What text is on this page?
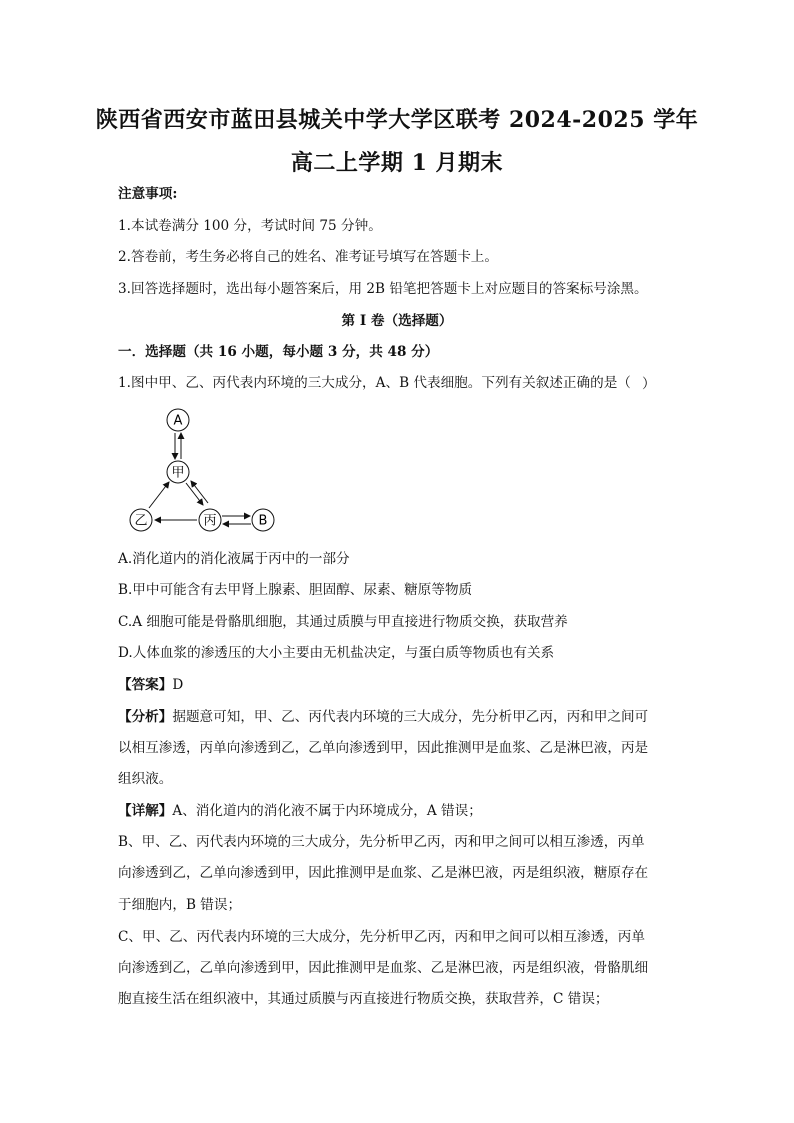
陕西省西安市蓝田县城关中学大学区联考 2024-2025 学年
高二上学期 1 月期末
注意事项:
1.本试卷满分 100 分，考试时间 75 分钟。
2.答卷前，考生务必将自己的姓名、准考证号填写在答题卡上。
3.回答选择题时，选出每小题答案后，用 2B 铅笔把答题卡上对应题目的答案标号涂黑。
第 I 卷（选择题）
一．选择题（共 16 小题，每小题 3 分，共 48 分）
1.图中甲、乙、丙代表内环境的三大成分，A、B 代表细胞。下列有关叙述正确的是（ ）
A
甲
乙	丙	B
A.消化道内的消化液属于丙中的一部分
B.甲中可能含有去甲肾上腺素、胆固醇、尿素、糖原等物质
C.A 细胞可能是骨骼肌细胞，其通过质膜与甲直接进行物质交换，获取营养
D.人体血浆的渗透压的大小主要由无机盐决定，与蛋白质等物质也有关系
【答案】D
【分析】据题意可知，甲、乙、丙代表内环境的三大成分，先分析甲乙丙，丙和甲之间可
以相互渗透，丙单向渗透到乙，乙单向渗透到甲，因此推测甲是血浆、乙是淋巴液，丙是
组织液。
【详解】A、消化道内的消化液不属于内环境成分，A 错误；
B、甲、乙、丙代表内环境的三大成分，先分析甲乙丙，丙和甲之间可以相互渗透，丙单
向渗透到乙，乙单向渗透到甲，因此推测甲是血浆、乙是淋巴液，丙是组织液，糖原存在
于细胞内，B 错误；
C、甲、乙、丙代表内环境的三大成分，先分析甲乙丙，丙和甲之间可以相互渗透，丙单
向渗透到乙，乙单向渗透到甲，因此推测甲是血浆、乙是淋巴液，丙是组织液，骨骼肌细
胞直接生活在组织液中，其通过质膜与丙直接进行物质交换，获取营养，C 错误；
